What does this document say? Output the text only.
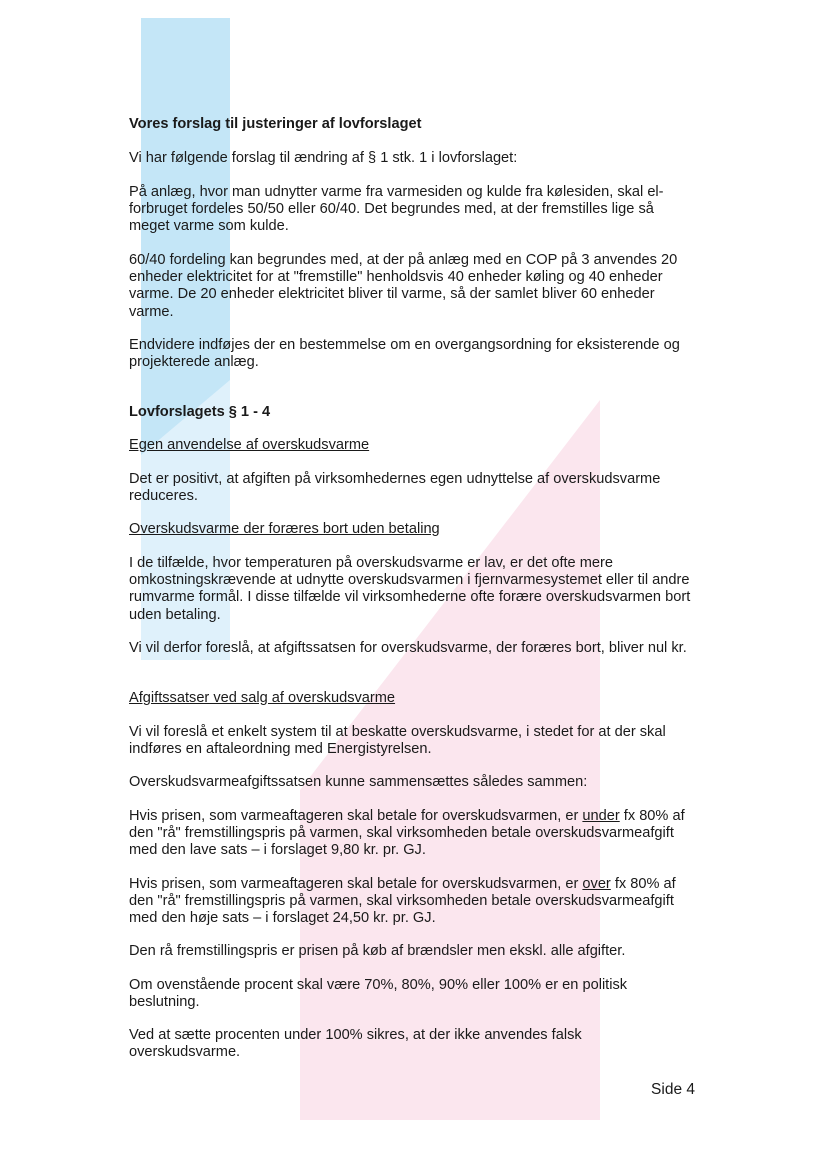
Vores forslag til justeringer af lovforslaget
Vi har følgende forslag til ændring af § 1 stk. 1 i lovforslaget:
På anlæg, hvor man udnytter varme fra varmesiden og kulde fra kølesiden, skal el-forbruget fordeles 50/50 eller 60/40. Det begrundes med, at der fremstilles lige så meget varme som kulde.
60/40 fordeling kan begrundes med, at der på anlæg med en COP på 3 anvendes 20 enheder elektricitet for at "fremstille" henholdsvis 40 enheder køling og 40 enheder varme. De 20 enheder elektricitet bliver til varme, så der samlet bliver 60 enheder varme.
Endvidere indføjes der en bestemmelse om en overgangsordning for eksisterende og projekterede anlæg.
Lovforslagets § 1 - 4
Egen anvendelse af overskudsvarme
Det er positivt, at afgiften på virksomhedernes egen udnyttelse af overskudsvarme reduceres.
Overskudsvarme der foræres bort uden betaling
I de tilfælde, hvor temperaturen på overskudsvarme er lav, er det ofte mere omkostningskrævende at udnytte overskudsvarmen i fjernvarmesystemet eller til andre rumvarme formål. I disse tilfælde vil virksomhederne ofte forære overskudsvarmen bort uden betaling.
Vi vil derfor foreslå, at afgiftssatsen for overskudsvarme, der foræres bort, bliver nul kr.
Afgiftssatser ved salg af overskudsvarme
Vi vil foreslå et enkelt system til at beskatte overskudsvarme, i stedet for at der skal indføres en aftaleordning med Energistyrelsen.
Overskudsvarmeafgiftssatsen kunne sammensættes således sammen:
Hvis prisen, som varmeaftageren skal betale for overskudsvarmen, er under fx 80% af den "rå" fremstillingspris på varmen, skal virksomheden betale overskudsvarmeafgift med den lave sats – i forslaget 9,80 kr. pr. GJ.
Hvis prisen, som varmeaftageren skal betale for overskudsvarmen, er over fx 80% af den "rå" fremstillingspris på varmen, skal virksomheden betale overskudsvarmeafgift med den høje sats – i forslaget 24,50 kr. pr. GJ.
Den rå fremstillingspris er prisen på køb af brændsler men ekskl. alle afgifter.
Om ovenstående procent skal være 70%, 80%, 90% eller 100% er en politisk beslutning.
Ved at sætte procenten under 100% sikres, at der ikke anvendes falsk overskudsvarme.
Side 4
